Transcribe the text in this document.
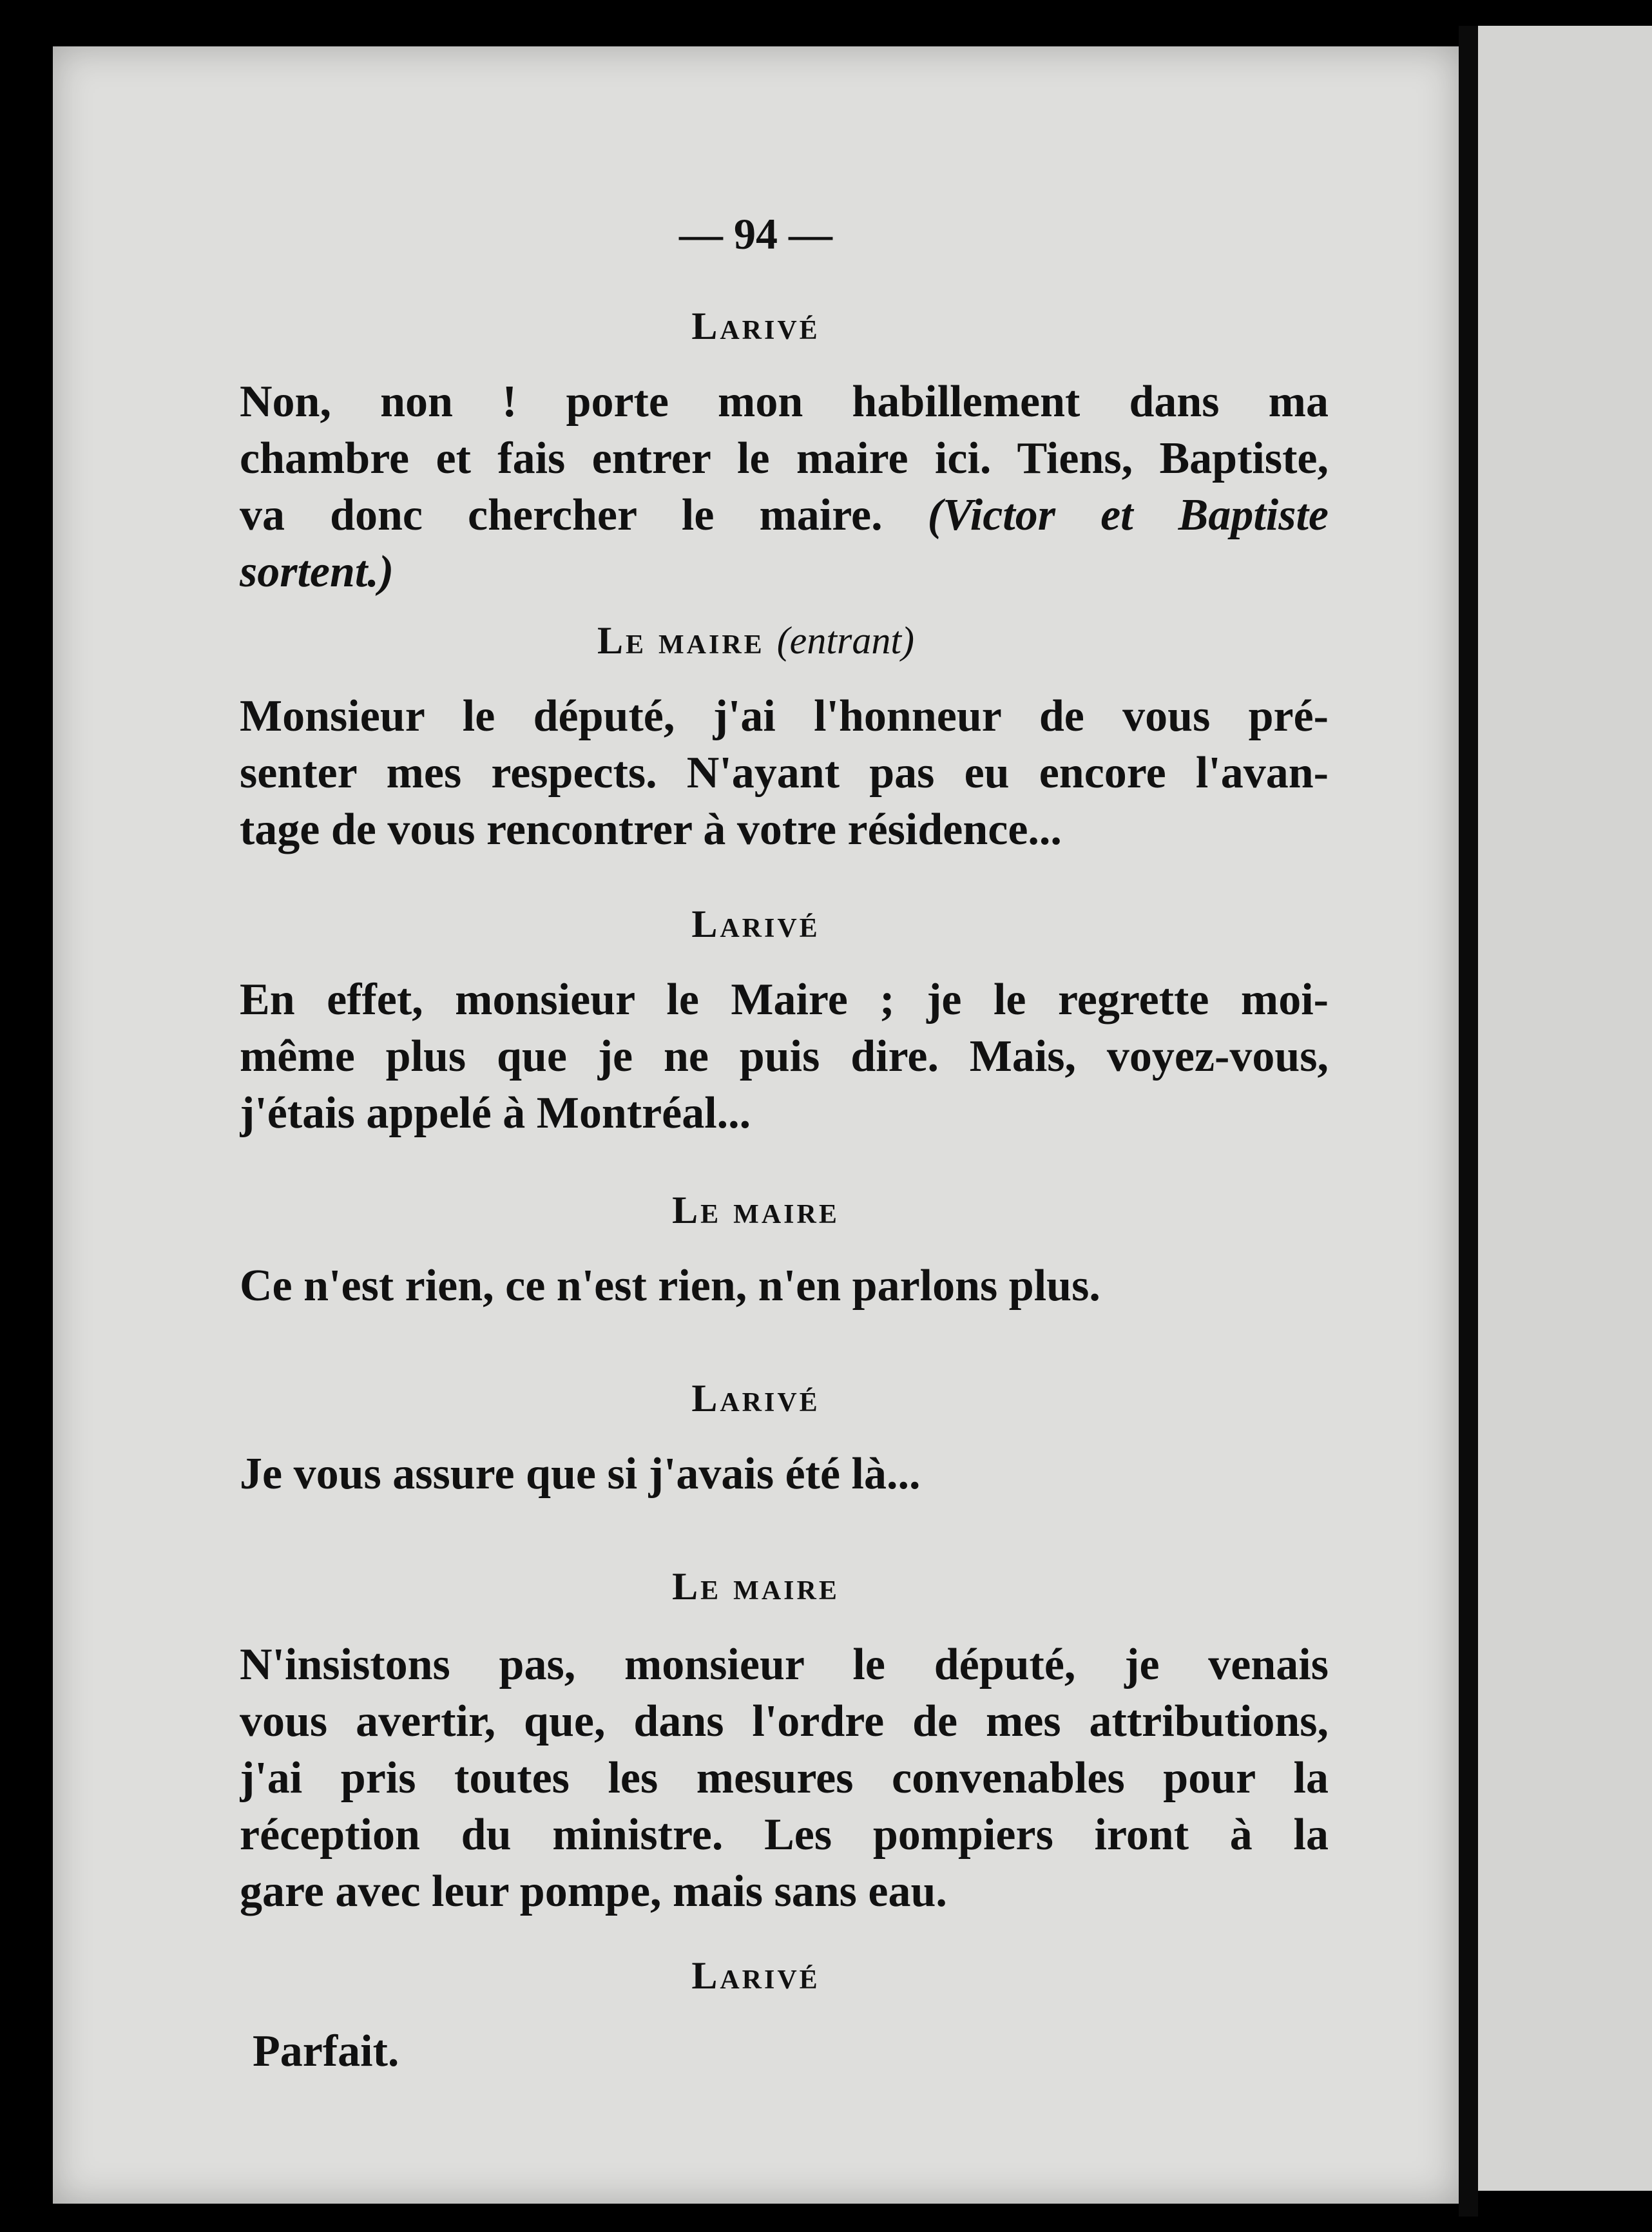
— 94 —
Larivé
Non, non ! porte mon habillement dans ma
chambre et fais entrer le maire ici. Tiens, Baptiste,
va donc chercher le maire. (Victor et Baptiste
sortent.)
Le maire (entrant)
Monsieur le député, j'ai l'honneur de vous pré-
senter mes respects. N'ayant pas eu encore l'avan-
tage de vous rencontrer à votre résidence...
Larivé
En effet, monsieur le Maire ; je le regrette moi-
même plus que je ne puis dire. Mais, voyez-vous,
j'étais appelé à Montréal...
Le maire
Ce n'est rien, ce n'est rien, n'en parlons plus.
Larivé
Je vous assure que si j'avais été là...
Le maire
N'insistons pas, monsieur le député, je venais
vous avertir, que, dans l'ordre de mes attributions,
j'ai pris toutes les mesures convenables pour la
réception du ministre. Les pompiers iront à la
gare avec leur pompe, mais sans eau.
Larivé
Parfait.
